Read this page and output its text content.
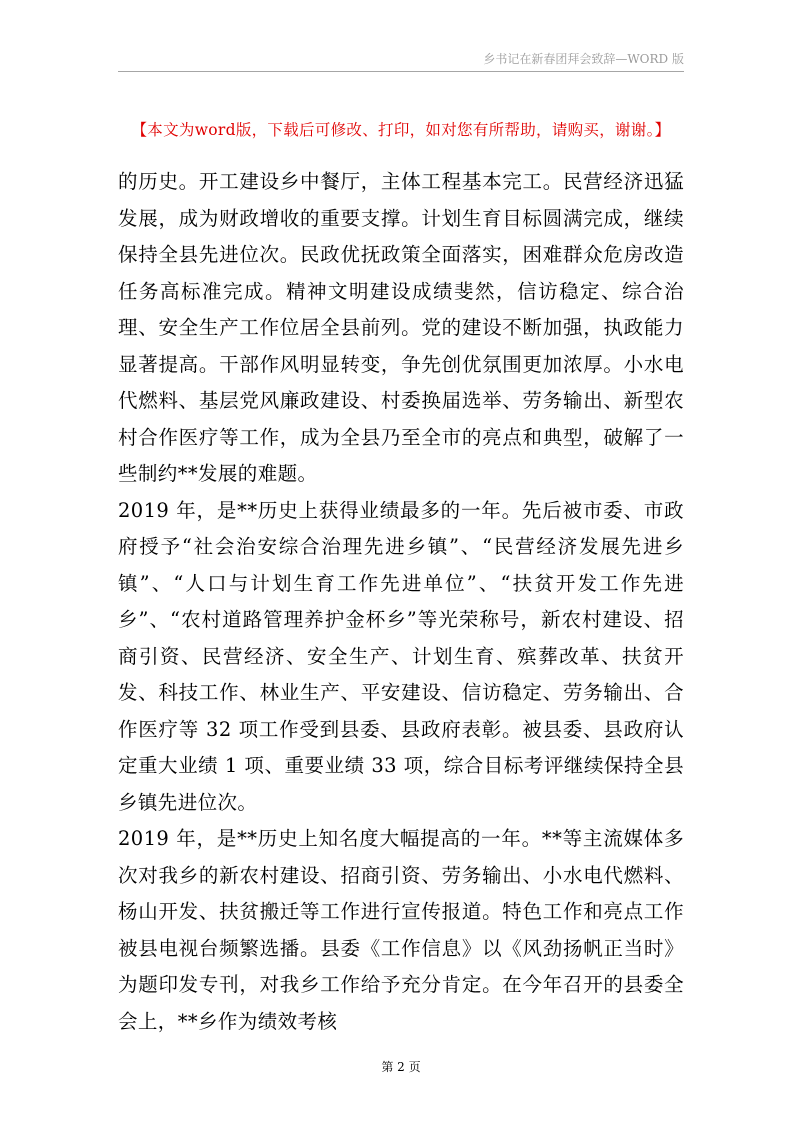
乡书记在新春团拜会致辞—WORD 版
【本文为word版，下载后可修改、打印，如对您有所帮助，请购买，谢谢。】

的历史。开工建设乡中餐厅，主体工程基本完工。民营经济迅猛发展，成为财政增收的重要支撑。计划生育目标圆满完成，继续保持全县先进位次。民政优抚政策全面落实，困难群众危房改造任务高标准完成。精神文明建设成绩斐然，信访稳定、综合治理、安全生产工作位居全县前列。党的建设不断加强，执政能力显著提高。干部作风明显转变，争先创优氛围更加浓厚。小水电代燃料、基层党风廉政建设、村委换届选举、劳务输出、新型农村合作医疗等工作，成为全县乃至全市的亮点和典型，破解了一些制约**发展的难题。

2019 年，是**历史上获得业绩最多的一年。先后被市委、市政府授予“社会治安综合治理先进乡镇”、“民营经济发展先进乡镇”、“人口与计划生育工作先进单位”、“扶贫开发工作先进乡”、“农村道路管理养护金杯乡”等光荣称号，新农村建设、招商引资、民营经济、安全生产、计划生育、殡葬改革、扶贫开发、科技工作、林业生产、平安建设、信访稳定、劳务输出、合作医疗等 32 项工作受到县委、县政府表彰。被县委、县政府认定重大业绩 1 项、重要业绩 33 项，综合目标考评继续保持全县乡镇先进位次。

2019 年，是**历史上知名度大幅提高的一年。**等主流媒体多次对我乡的新农村建设、招商引资、劳务输出、小水电代燃料、杨山开发、扶贫搬迁等工作进行宣传报道。特色工作和亮点工作被县电视台频繁选播。县委《工作信息》以《风劲扬帆正当时》为题印发专刊，对我乡工作给予充分肯定。在今年召开的县委全会上，**乡作为绩效考核

第 2 页
